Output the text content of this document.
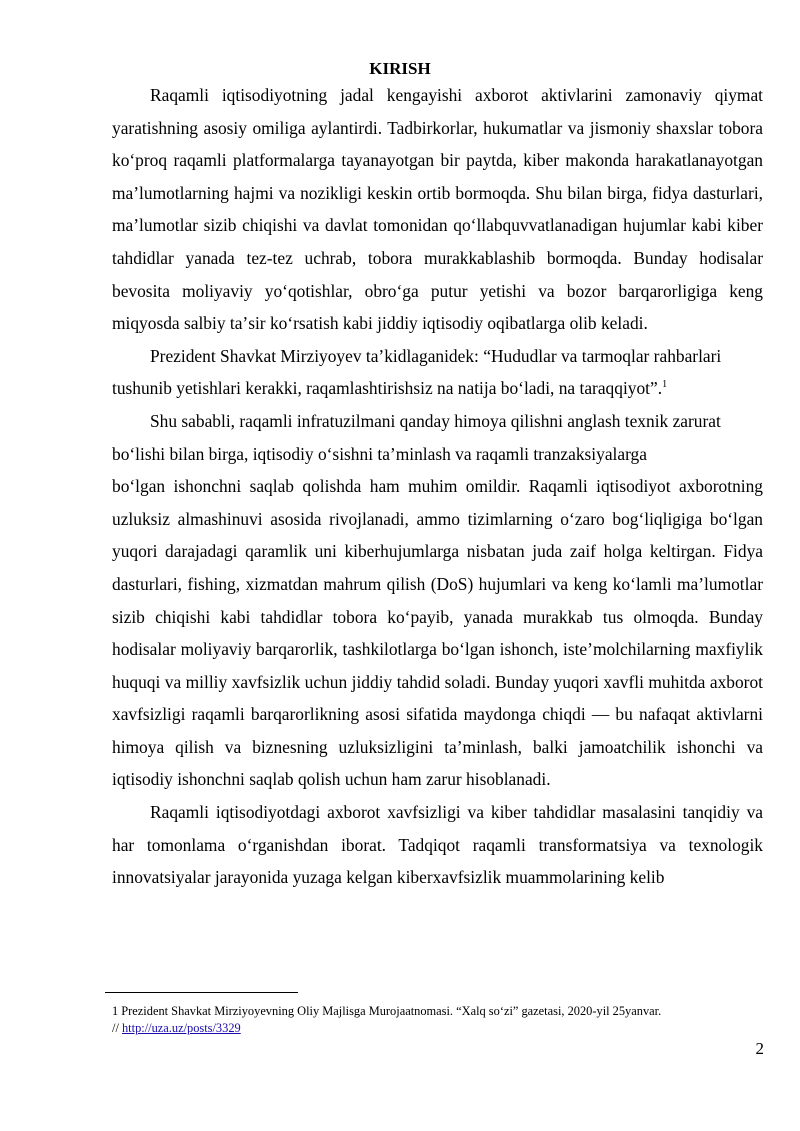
KIRISH

Raqamli iqtisodiyotning jadal kengayishi axborot aktivlarini zamonaviy qiymat yaratishning asosiy omiliga aylantirdi. Tadbirkorlar, hukumatlar va jismoniy shaxslar tobora koʻproq raqamli platformalarga tayanayotgan bir paytda, kiber makonda harakatlanayotgan maʼlumotlarning hajmi va nozikligi keskin ortib bormoqda. Shu bilan birga, fidya dasturlari, maʼlumotlar sizib chiqishi va davlat tomonidan qoʻllabquvvatlanadigan hujumlar kabi kiber tahdidlar yanada tez-tez uchrab, tobora murakkablashib bormoqda. Bunday hodisalar bevosita moliyaviy yoʻqotishlar, obroʻga putur yetishi va bozor barqarorligiga keng miqyosda salbiy taʼsir koʻrsatish kabi jiddiy iqtisodiy oqibatlarga olib keladi.

Prezident Shavkat Mirziyoyev taʼkidlaganidek: “Hududlar va tarmoqlar rahbarlari tushunib yetishlari kerakki, raqamlashtirishsiz na natija boʻladi, na taraqqiyot”.$^1$

Shu sababli, raqamli infratuzilmani qanday himoya qilishni anglash texnik zarurat boʻlishi bilan birga, iqtisodiy oʻsishni taʼminlash va raqamli tranzaksiyalarga

boʻlgan ishonchni saqlab qolishda ham muhim omildir. Raqamli iqtisodiyot axborotning uzluksiz almashinuvi asosida rivojlanadi, ammo tizimlarning oʻzaro bogʻliqligiga boʻlgan yuqori darajadagi qaramlik uni kiberhujumlarga nisbatan juda zaif holga keltirgan. Fidya dasturlari, fishing, xizmatdan mahrum qilish (DoS) hujumlari va keng koʻlamli maʼlumotlar sizib chiqishi kabi tahdidlar tobora koʻpayib, yanada murakkab tus olmoqda. Bunday hodisalar moliyaviy barqarorlik, tashkilotlarga boʻlgan ishonch, isteʼmolchilarning maxfiylik huquqi va milliy xavfsizlik uchun jiddiy tahdid soladi. Bunday yuqori xavfli muhitda axborot xavfsizligi raqamli barqarorlikning asosi sifatida maydonga chiqdi — bu nafaqat aktivlarni himoya qilish va biznesning uzluksizligini taʼminlash, balki jamoatchilik ishonchi va iqtisodiy ishonchni saqlab qolish uchun ham zarur hisoblanadi.

Raqamli iqtisodiyotdagi axborot xavfsizligi va kiber tahdidlar masalasini tanqidiy va har tomonlama oʻrganishdan iborat. Tadqiqot raqamli transformatsiya va texnologik innovatsiyalar jarayonida yuzaga kelgan kiberxavfsizlik muammolarining kelib

1 Prezident Shavkat Mirziyoyevning Oliy Majlisga Murojaatnomasi. “Xalq soʻzi” gazetasi, 2020-yil 25yanvar.
// http://uza.uz/posts/3329
2
